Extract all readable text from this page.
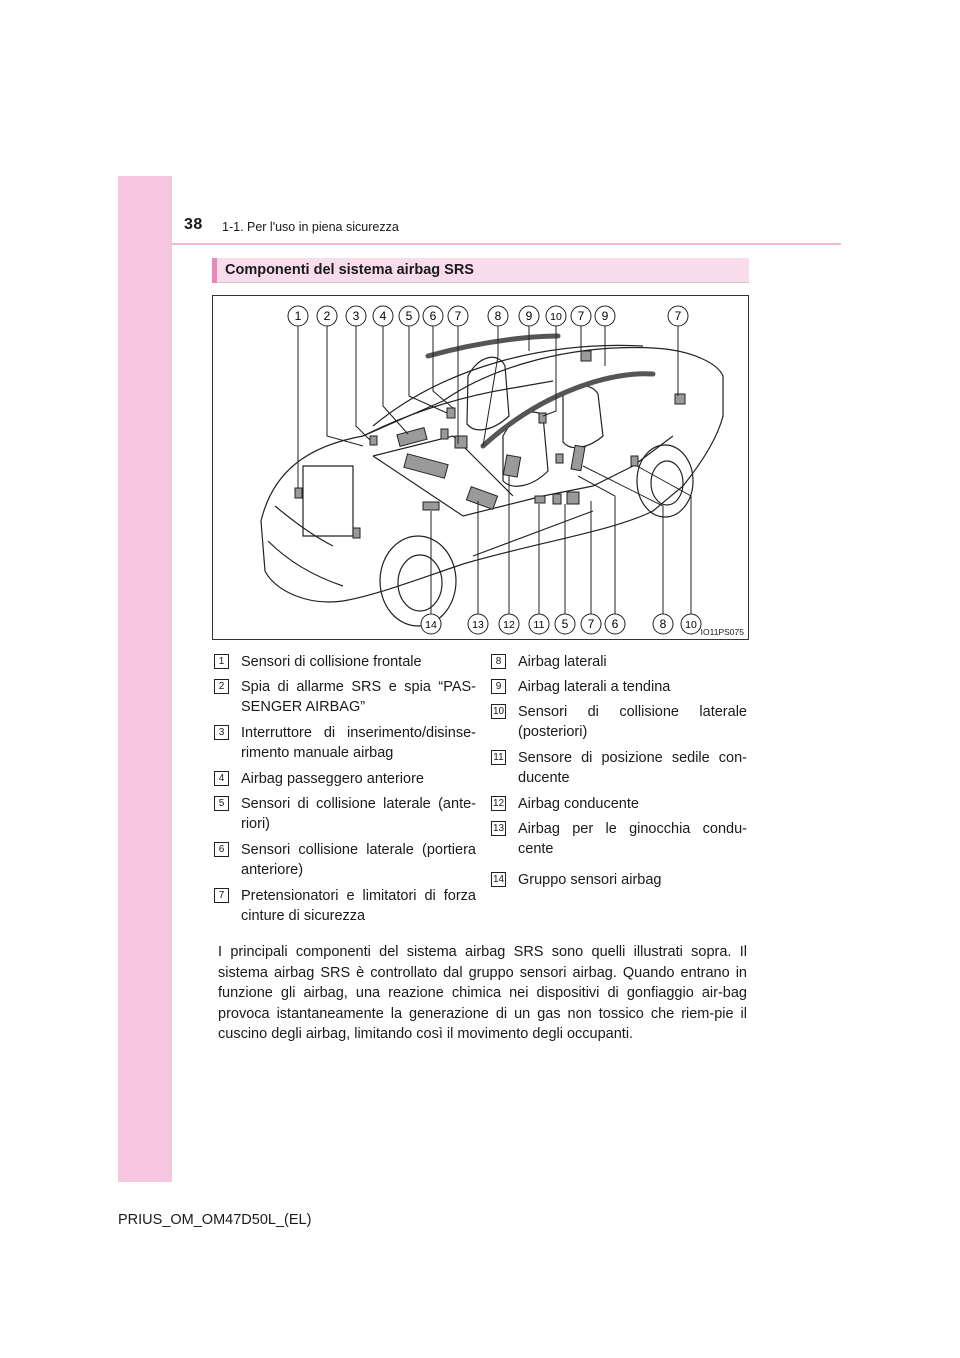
38 1-1. Per l'uso in piena sicurezza
Componenti del sistema airbag SRS
1 2 3 4 5 6 7	8 9 10 7 9	7
14	13 12 11 5 7 6	8 10
IO11PS075
1	Sensori di collisione frontale
2	Spia di allarme SRS e spia “PAS-SENGER AIRBAG”
3	Interruttore di inserimento/disinse-rimento manuale airbag
4	Airbag passeggero anteriore
5	Sensori di collisione laterale (ante-riori)
6	Sensori collisione laterale (portiera anteriore)
7	Pretensionatori e limitatori di forza cinture di sicurezza
8	Airbag laterali
9	Airbag laterali a tendina
10 Sensori di collisione laterale (posteriori)
11 Sensore di posizione sedile con-ducente
12 Airbag conducente
13 Airbag per le ginocchia condu-cente
14 Gruppo sensori airbag
I principali componenti del sistema airbag SRS sono quelli illustrati sopra. Il sistema airbag SRS è controllato dal gruppo sensori airbag. Quando entrano in funzione gli airbag, una reazione chimica nei dispositivi di gonfiaggio air-bag provoca istantaneamente la generazione di un gas non tossico che riem-pie il cuscino degli airbag, limitando così il movimento degli occupanti.
PRIUS_OM_OM47D50L_(EL)
